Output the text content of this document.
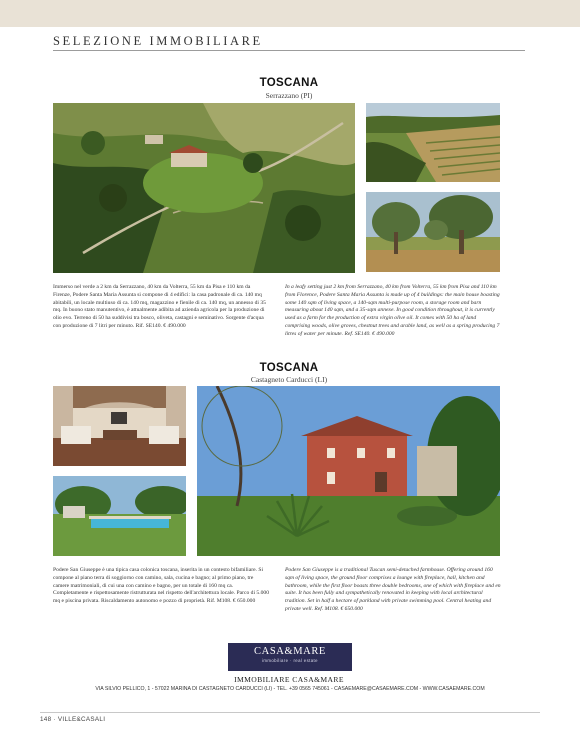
SELEZIONE IMMOBILIARE
TOSCANA
Serrazzano (PI)
Immerso nel verde a 2 km da Serrazzano, 40 km da Volterra, 55 km da Pisa e 110 km da Firenze, Podere Santa Maria Assunta si compone di 4 edifici: la casa padronale di ca. 140 mq abitabili, un locale multiuso di ca. 140 mq, magazzino e fienile di ca. 140 mq, un annesso di 35 mq. In buono stato manutentivo, è attualmente adibita ad azienda agricola per la produzione di olio evo. Terreno di 50 ha suddivisi tra bosco, oliveta, castagni e seminativo. Sorgente d'acqua con produzione di 7 litri per minuto. Rif. SE140. € 490.000
In a leafy setting just 2 km from Serrazzano, 40 km from Volterra, 55 km from Pisa and 110 km from Florence, Podere Santa Maria Assunta is made up of 4 buildings: the main house boasting some 140 sqm of living space, a 140-sqm multi-purpose room, a storage room and barn measuring about 140 sqm, and a 35-sqm annexe. In good condition throughout, it is currently used as a farm for the production of extra virgin olive oil. It comes with 50 ha of land comprising woods, olive groves, chestnut trees and arable land, as well as a spring producing 7 litres of water per minute. Ref. SE140. € 490.000
TOSCANA
Castagneto Carducci (LI)
Podere San Giuseppe è una tipica casa colonica toscana, inserita in un contesto bifamiliare. Si compone al piano terra di soggiorno con camino, sala, cucina e bagno; al primo piano, tre camere matrimoniali, di cui una con camino e bagno, per un totale di 160 mq ca. Completamente e rispettosamente ristrutturata nel rispetto dell'architettura locale. Parco di 5.000 mq e piscina privata. Riscaldamento autonomo e pozzo di proprietà. Rif. M108. € 650.000
Podere San Giuseppe is a traditional Tuscan semi-detached farmhouse. Offering around 160 sqm of living space, the ground floor comprises a lounge with fireplace, hall, kitchen and bathroom, while the first floor boasts three double bedrooms, one of which with fireplace and en suite. It has been fully and sympathetically renovated in keeping with local architectural tradition. Set in half a hectare of parkland with private swimming pool. Central heating and private well. Ref. M108. € 650.000
CASA&MARE
immobiliare · real estate
IMMOBILIARE CASA&MARE
VIA SILVIO PELLICO, 1 - 57022 MARINA DI CASTAGNETO CARDUCCI (LI) - TEL. +39 0565 745061 - CASAEMARE@CASAEMARE.COM - WWW.CASAEMARE.COM
148 · VILLE&CASALI
